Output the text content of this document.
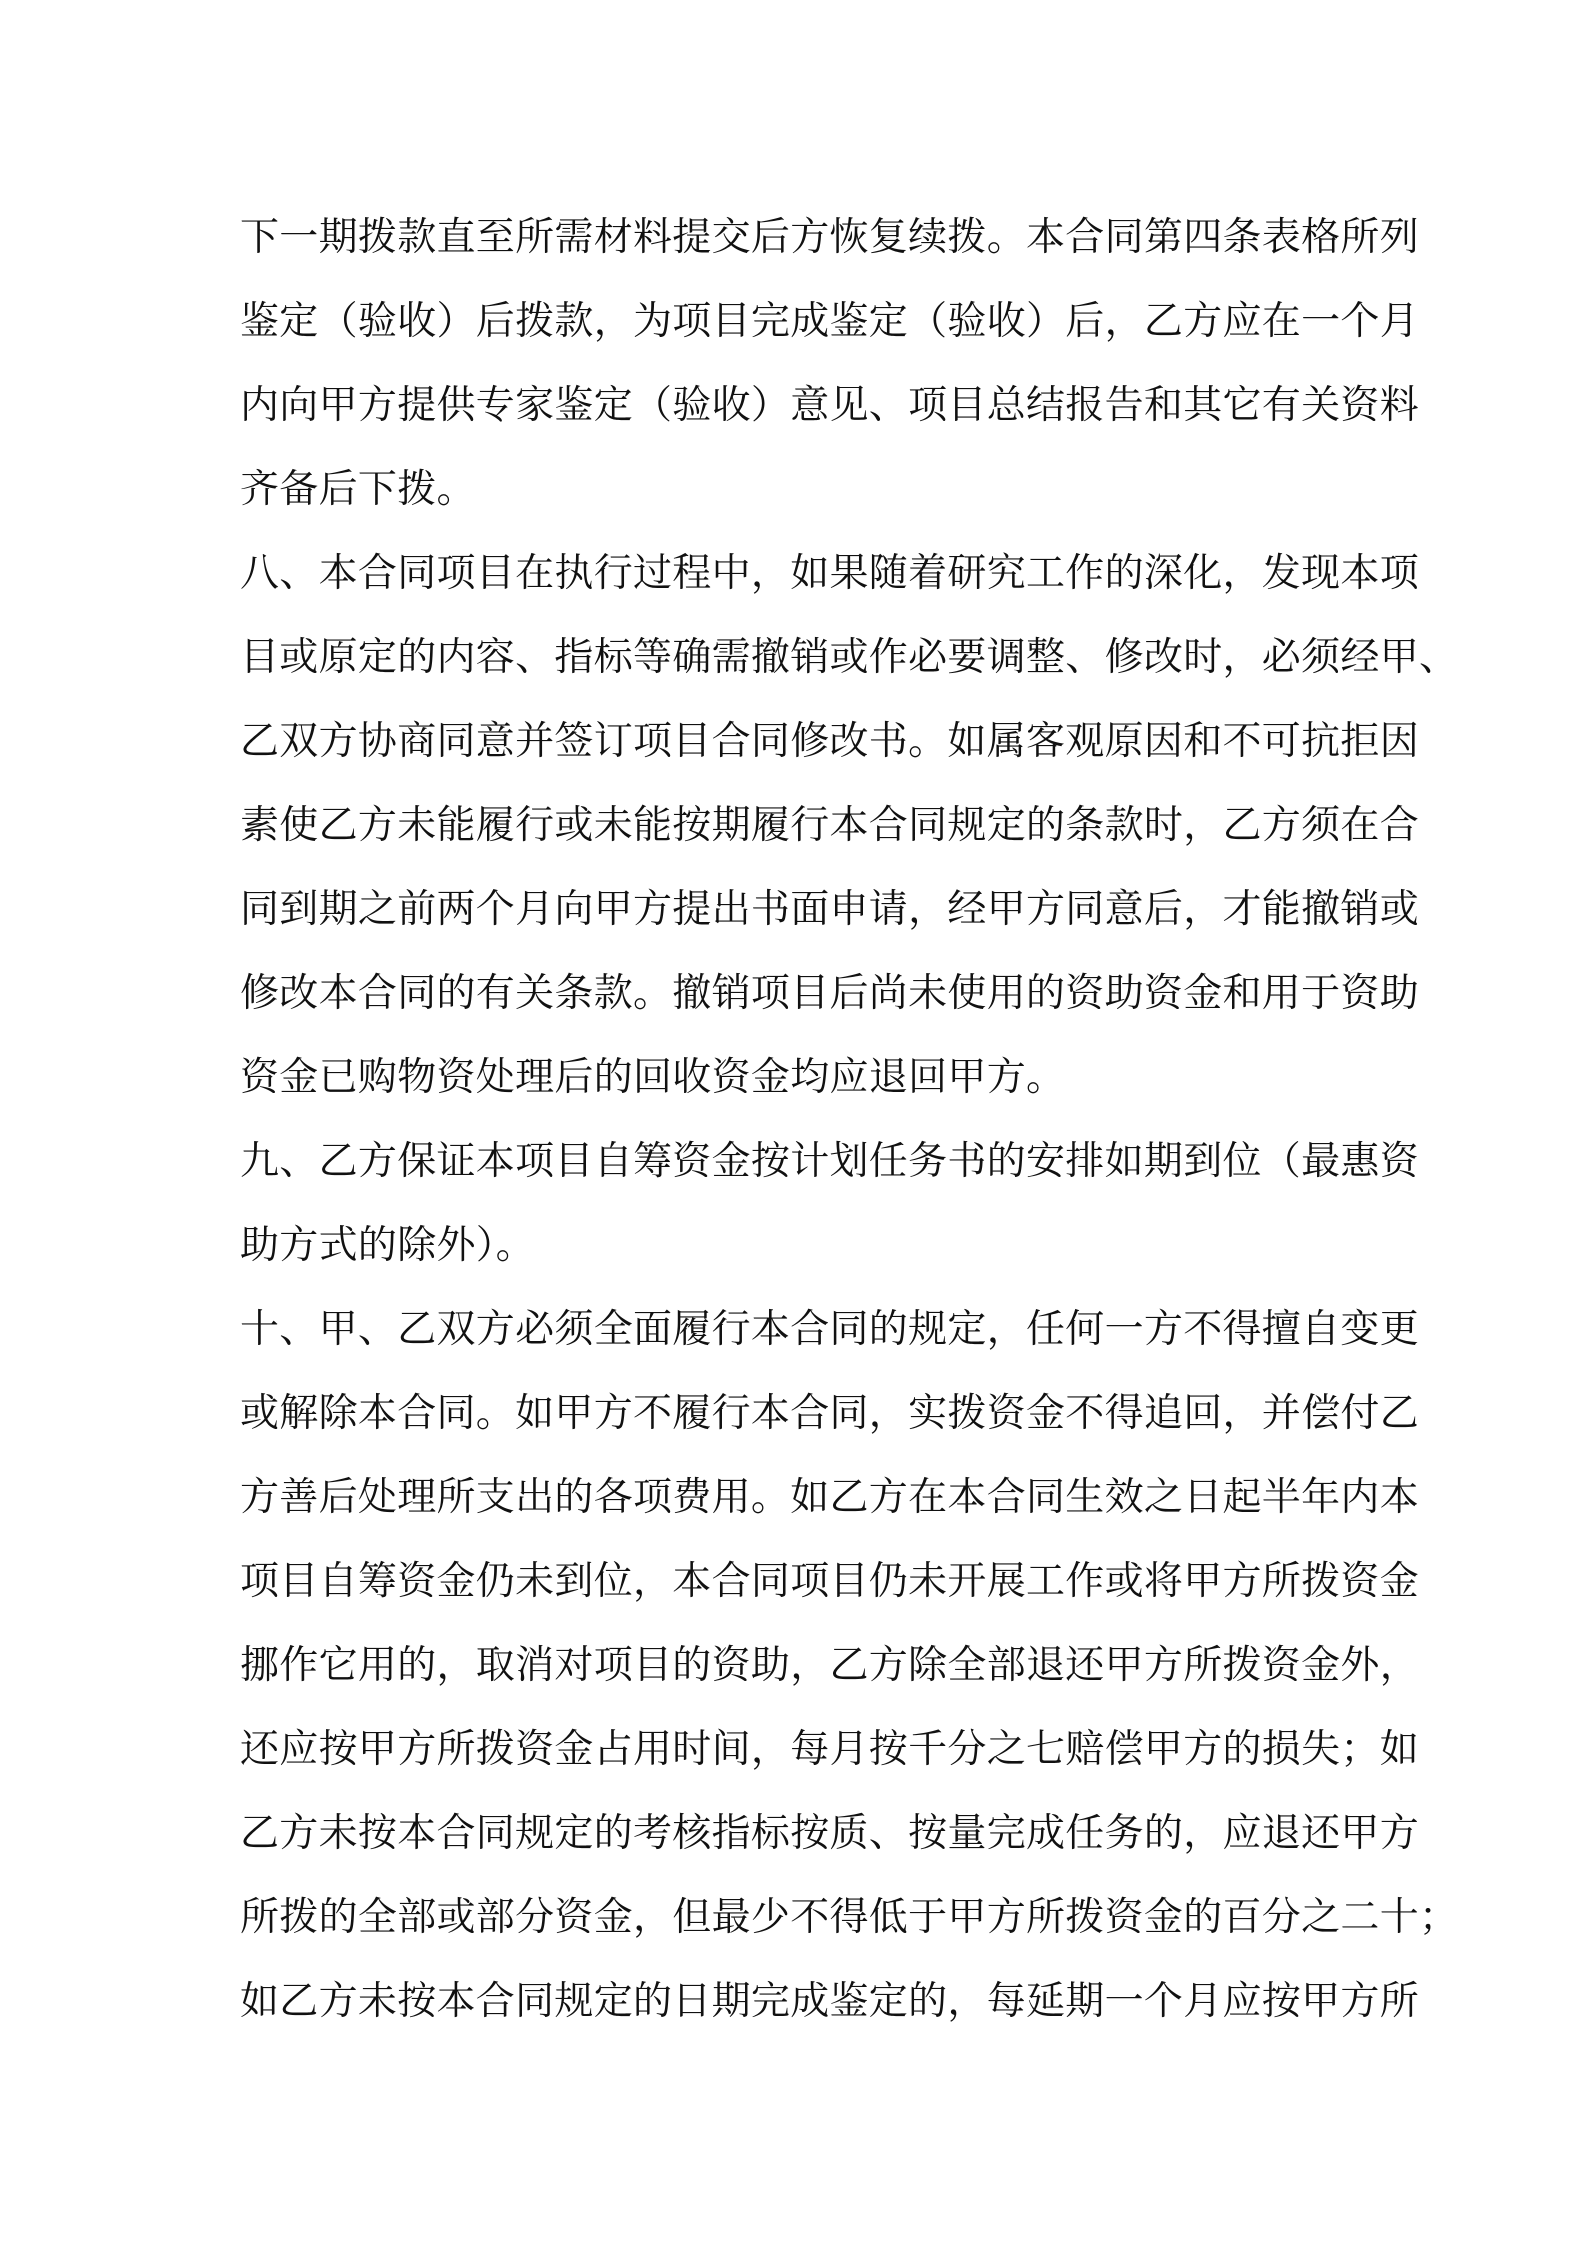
下一期拨款直至所需材料提交后方恢复续拨。本合同第四条表格所列
鉴定（验收）后拨款，为项目完成鉴定（验收）后，乙方应在一个月
内向甲方提供专家鉴定（验收）意见、项目总结报告和其它有关资料
齐备后下拨。
八、本合同项目在执行过程中，如果随着研究工作的深化，发现本项
目或原定的内容、指标等确需撤销或作必要调整、修改时，必须经甲、
乙双方协商同意并签订项目合同修改书。如属客观原因和不可抗拒因
素使乙方未能履行或未能按期履行本合同规定的条款时，乙方须在合
同到期之前两个月向甲方提出书面申请，经甲方同意后，才能撤销或
修改本合同的有关条款。撤销项目后尚未使用的资助资金和用于资助
资金已购物资处理后的回收资金均应退回甲方。
九、乙方保证本项目自筹资金按计划任务书的安排如期到位（最惠资
助方式的除外）。
十、甲、乙双方必须全面履行本合同的规定，任何一方不得擅自变更
或解除本合同。如甲方不履行本合同，实拨资金不得追回，并偿付乙
方善后处理所支出的各项费用。如乙方在本合同生效之日起半年内本
项目自筹资金仍未到位，本合同项目仍未开展工作或将甲方所拨资金
挪作它用的，取消对项目的资助，乙方除全部退还甲方所拨资金外，
还应按甲方所拨资金占用时间，每月按千分之七赔偿甲方的损失；如
乙方未按本合同规定的考核指标按质、按量完成任务的，应退还甲方
所拨的全部或部分资金，但最少不得低于甲方所拨资金的百分之二十；
如乙方未按本合同规定的日期完成鉴定的，每延期一个月应按甲方所
